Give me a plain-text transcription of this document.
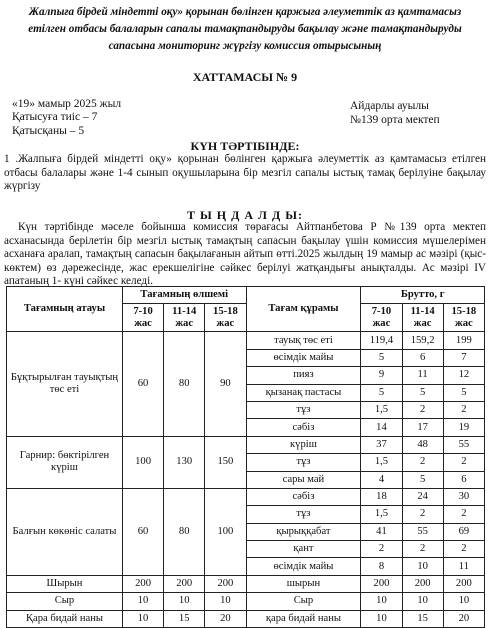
Жалпыға бірдей міндетті оқу» қорынан бөлінген қаржыға әлеуметтік аз қамтамасыз
етілген отбасы балаларын сапалы тамақтандыруды бақылау және тамақтандыруды
сапасына мониторинг жүргізу комиссия отырысының
ХАТТАМАСЫ № 9
«19» мамыр 2025 жыл	Айдарлы ауылы
Қатысуға тиіс – 7	№139 орта мектеп
Қатысқаны – 5
КҮН ТӘРТІБІНДЕ:
1 .Жалпыға бірдей міндетті оқу» қорынан бөлінген қаржыға әлеуметтік аз қамтамасыз етілген отбасы балалары және 1-4 сынып оқушыларына бір мезгіл сапалы ыстық тамақ берілуіне бақылау жүргізу
Т Ы Ң Д А Л Д Ы:
Күн тәртібінде мәселе бойынша комиссия төрағасы Айтпанбетова Р №139 орта мектеп асханасында берілетін бір мезгіл ыстық тамақтың сапасын бақылау үшін комиссия мүшелерімен асханаға аралап, тамақтың сапасын бақылағанын айтып өтті.2025 жылдың 19 мамыр ас мәзірі (қыс-көктем) өз дәрежесінде, жас ерекшелігіне сәйкес берілуі жатқандығы анықталды. Ас мәзірі IV апатаның 1- күні сәйкес келеді.
Тағамның атауы	Тағамның өлшемі			Тағам құрамы	Брутто, г		
	7-10 жас	11-14 жас	15-18 жас		7-10 жас	11-14 жас	15-18 жас
Бұқтырылған тауықтың төс еті	60	80	90	тауық төс еті	119,4	159,2	199
				өсімдік майы	5	6	7
				пияз	9	11	12
				қызанақ пастасы	5	5	5
				тұз	1,5	2	2
				сәбіз	14	17	19
Гарнир: бөктірілген күріш	100	130	150	күріш	37	48	55
				тұз	1,5	2	2
				сары май	4	5	6
Балғын көкөніс салаты	60	80	100	сәбіз	18	24	30
				тұз	1,5	2	2
				қырыққабат	41	55	69
				қант	2	2	2
				өсімдік майы	8	10	11
Шырын	200	200	200	шырын	200	200	200
Сыр	10	10	10	Сыр	10	10	10
Қара бидай наны	10	15	20	қара бидай наны	10	15	20
